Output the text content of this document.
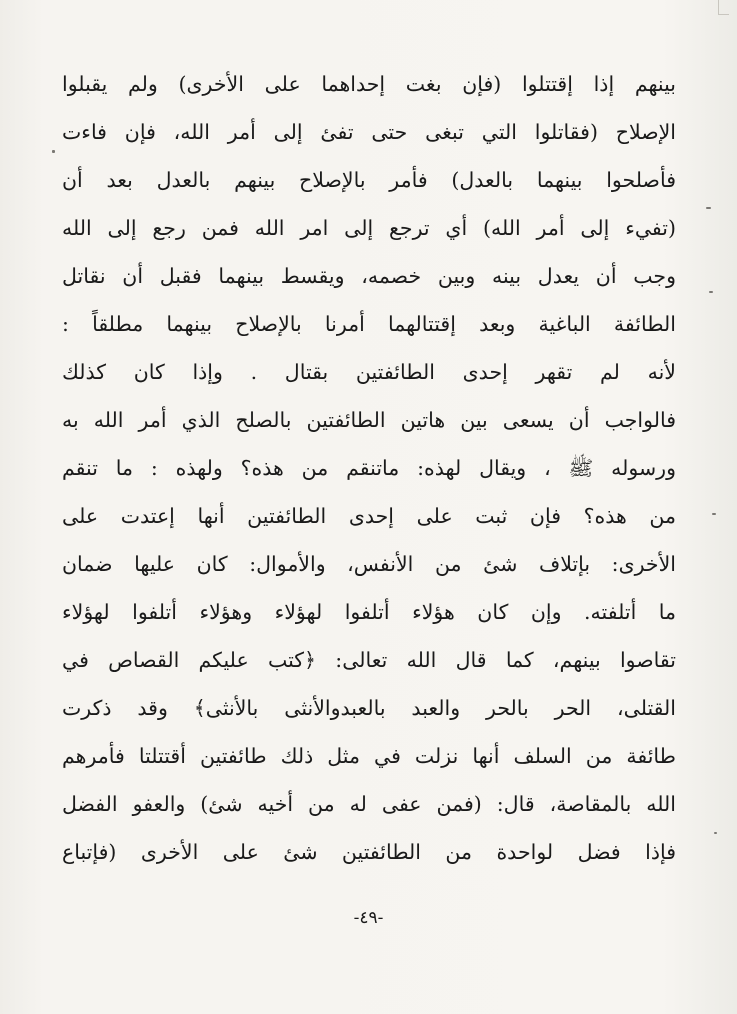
بينهم إذا إقتتلوا (فإن بغت إحداهما على الأخرى) ولم يقبلوا
الإصلاح (فقاتلوا التي تبغى حتى تفئ إلى أمر الله، فإن فاءت
فأصلحوا بينهما بالعدل) فأمر بالإصلاح بينهم بالعدل بعد أن
(تفيء إلى أمر الله) أي ترجع إلى امر الله فمن رجع إلى الله
وجب أن يعدل بينه وبين خصمه، ويقسط بينهما فقبل أن نقاتل
الطائفة الباغية وبعد إقتتالهما أمرنا بالإصلاح بينهما مطلقاً :
لأنه لم تقهر إحدى الطائفتين بقتال . وإذا كان كذلك
فالواجب أن يسعى بين هاتين الطائفتين بالصلح الذي أمر الله به
ورسوله ﷺ ، ويقال لهذه: ماتنقم من هذه؟ ولهذه : ما تنقم
من هذه؟ فإن ثبت على إحدى الطائفتين أنها إعتدت على
الأخرى: بإتلاف شئ من الأنفس، والأموال: كان عليها ضمان
ما أتلفته. وإن كان هؤلاء أتلفوا لهؤلاء وهؤلاء أتلفوا لهؤلاء
تقاصوا بينهم، كما قال الله تعالى: ﴿كتب عليكم القصاص في
القتلى، الحر بالحر والعبد بالعبدوالأنثى بالأنثى﴾ وقد ذكرت
طائفة من السلف أنها نزلت في مثل ذلك طائفتين أقتتلتا فأمرهم
الله بالمقاصة، قال: (فمن عفى له من أخيه شئ) والعفو الفضل
فإذا فضل لواحدة من الطائفتين شئ على الأخرى (فإتباع
-٤٩-
